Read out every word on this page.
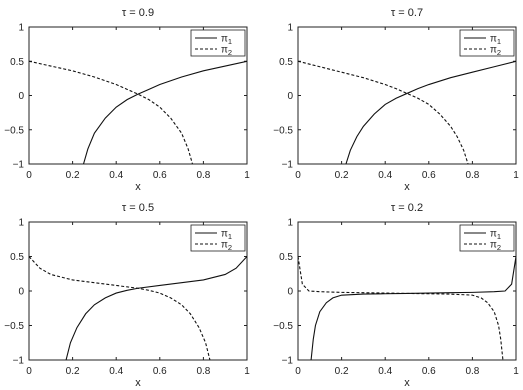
τ = 0.9
0	0.2	0.4	0.6	0.8	1
1
0.5
0
−0.5
−1
x
$\pi_1$
$\pi_2$
τ = 0.7
0	0.2	0.4	0.6	0.8	1
1
0.5
0
−0.5
−1
x
$\pi_1$
$\pi_2$
τ = 0.5
0	0.2	0.4	0.6	0.8	1
1
0.5
0
−0.5
−1
x
$\pi_1$
$\pi_2$
τ = 0.2
0	0.2	0.4	0.6	0.8	1
1
0.5
0
−0.5
−1
x
$\pi_1$
$\pi_2$
